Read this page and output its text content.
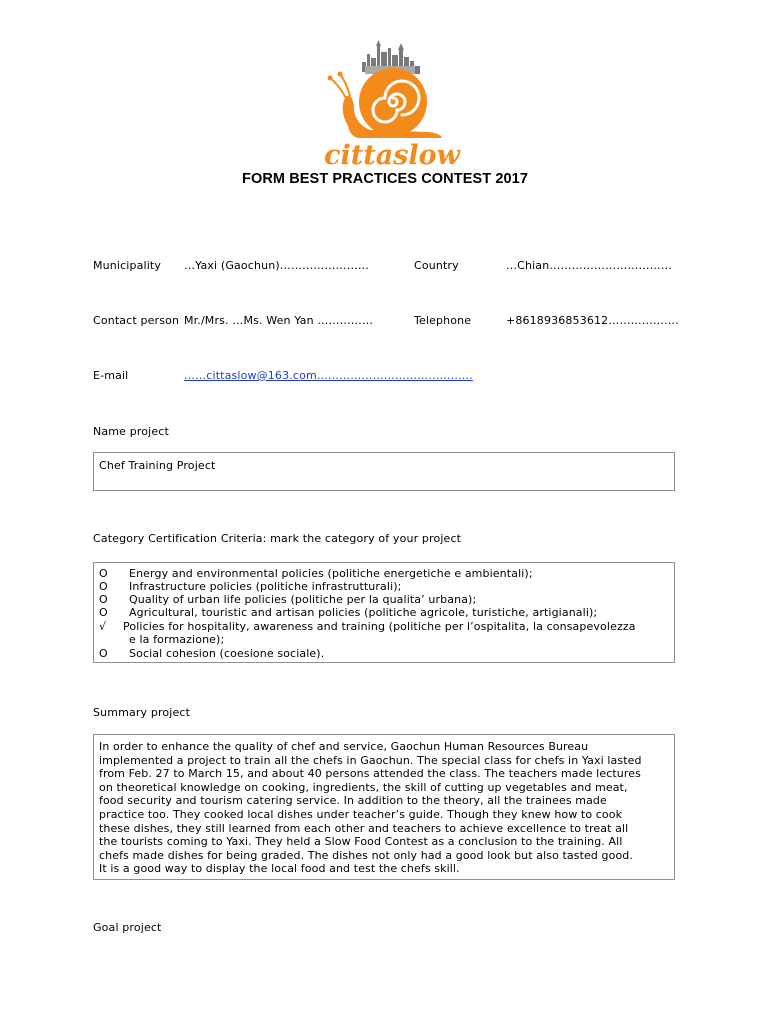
cittaslow
FORM BEST PRACTICES CONTEST 2017
Municipality …Yaxi (Gaochun)……………………	Country	…Chian……………………………
Contact person Mr./Mrs. …Ms. Wen Yan ……………	Telephone	+8618936853612……………….
E-mail	……cittaslow@163.com……………………………………
Name project
Chef Training Project
Category Certification Criteria: mark the category of your project
O	Energy and environmental policies (politiche energetiche e ambientali);
O	Infrastructure policies (politiche infrastrutturali);
O	Quality of urban life policies (politiche per la qualita’ urbana);
O	Agricultural, touristic and artisan policies (politiche agricole, turistiche, artigianali);
√	Policies for hospitality, awareness and training (politiche per l’ospitalita, la consapevolezza
e la formazione);
O	Social cohesion (coesione sociale).
Summary project
In order to enhance the quality of chef and service, Gaochun Human Resources Bureau
implemented a project to train all the chefs in Gaochun. The special class for chefs in Yaxi lasted
from Feb. 27 to March 15, and about 40 persons attended the class. The teachers made lectures
on theoretical knowledge on cooking, ingredients, the skill of cutting up vegetables and meat,
food security and tourism catering service. In addition to the theory, all the trainees made
practice too. They cooked local dishes under teacher’s guide. Though they knew how to cook
these dishes, they still learned from each other and teachers to achieve excellence to treat all
the tourists coming to Yaxi. They held a Slow Food Contest as a conclusion to the training. All
chefs made dishes for being graded. The dishes not only had a good look but also tasted good.
It is a good way to display the local food and test the chefs skill.
Goal project
